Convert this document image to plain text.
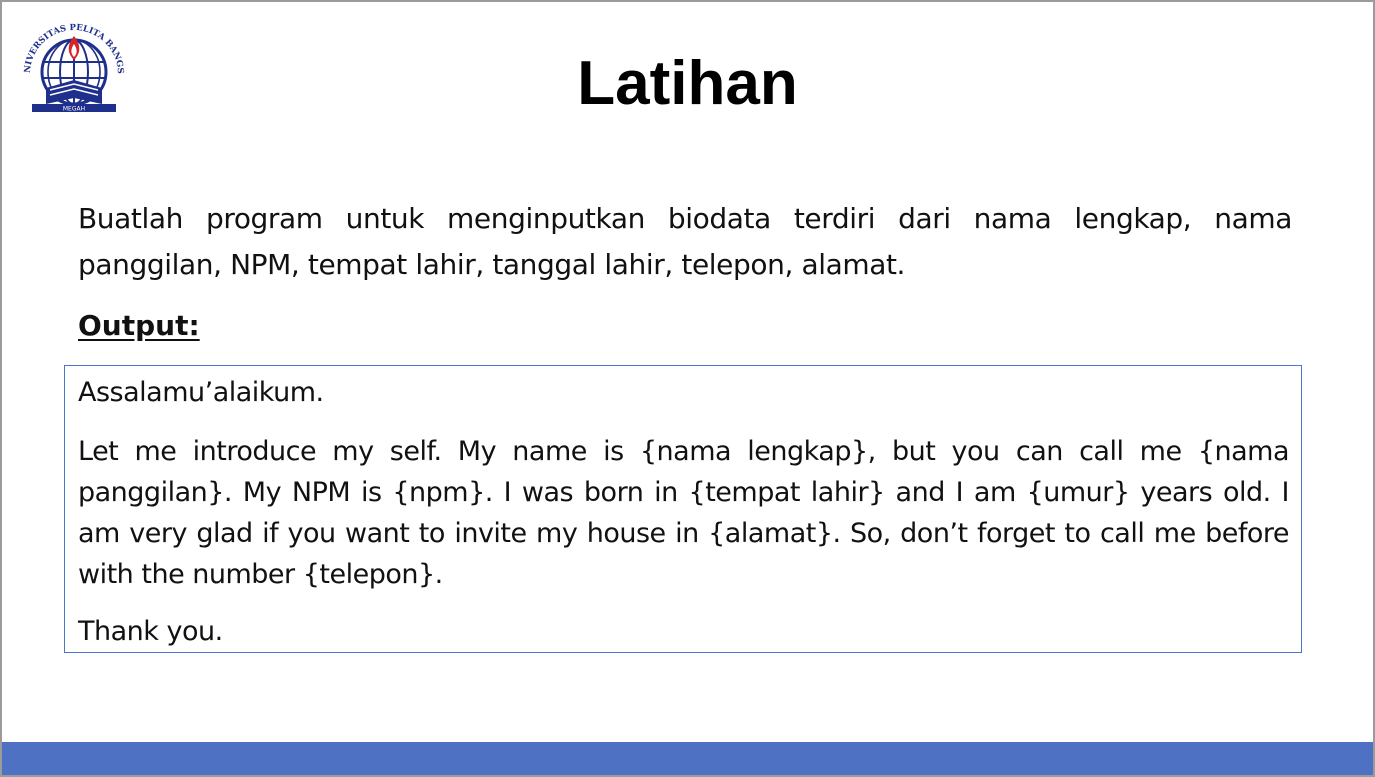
NIVERSITAS PELITA BANGS
MEGAH	Latihan

Buatlah program untuk menginputkan biodata terdiri dari nama lengkap, nama panggilan, NPM, tempat lahir, tanggal lahir, telepon, alamat.

Output:

Assalamu’alaikum.

Let me introduce my self. My name is {nama lengkap}, but you can call me {nama panggilan}. My NPM is {npm}. I was born in {tempat lahir} and I am {umur} years old. I am very glad if you want to invite my house in {alamat}. So, don’t forget to call me before with the number {telepon}.

Thank you.
